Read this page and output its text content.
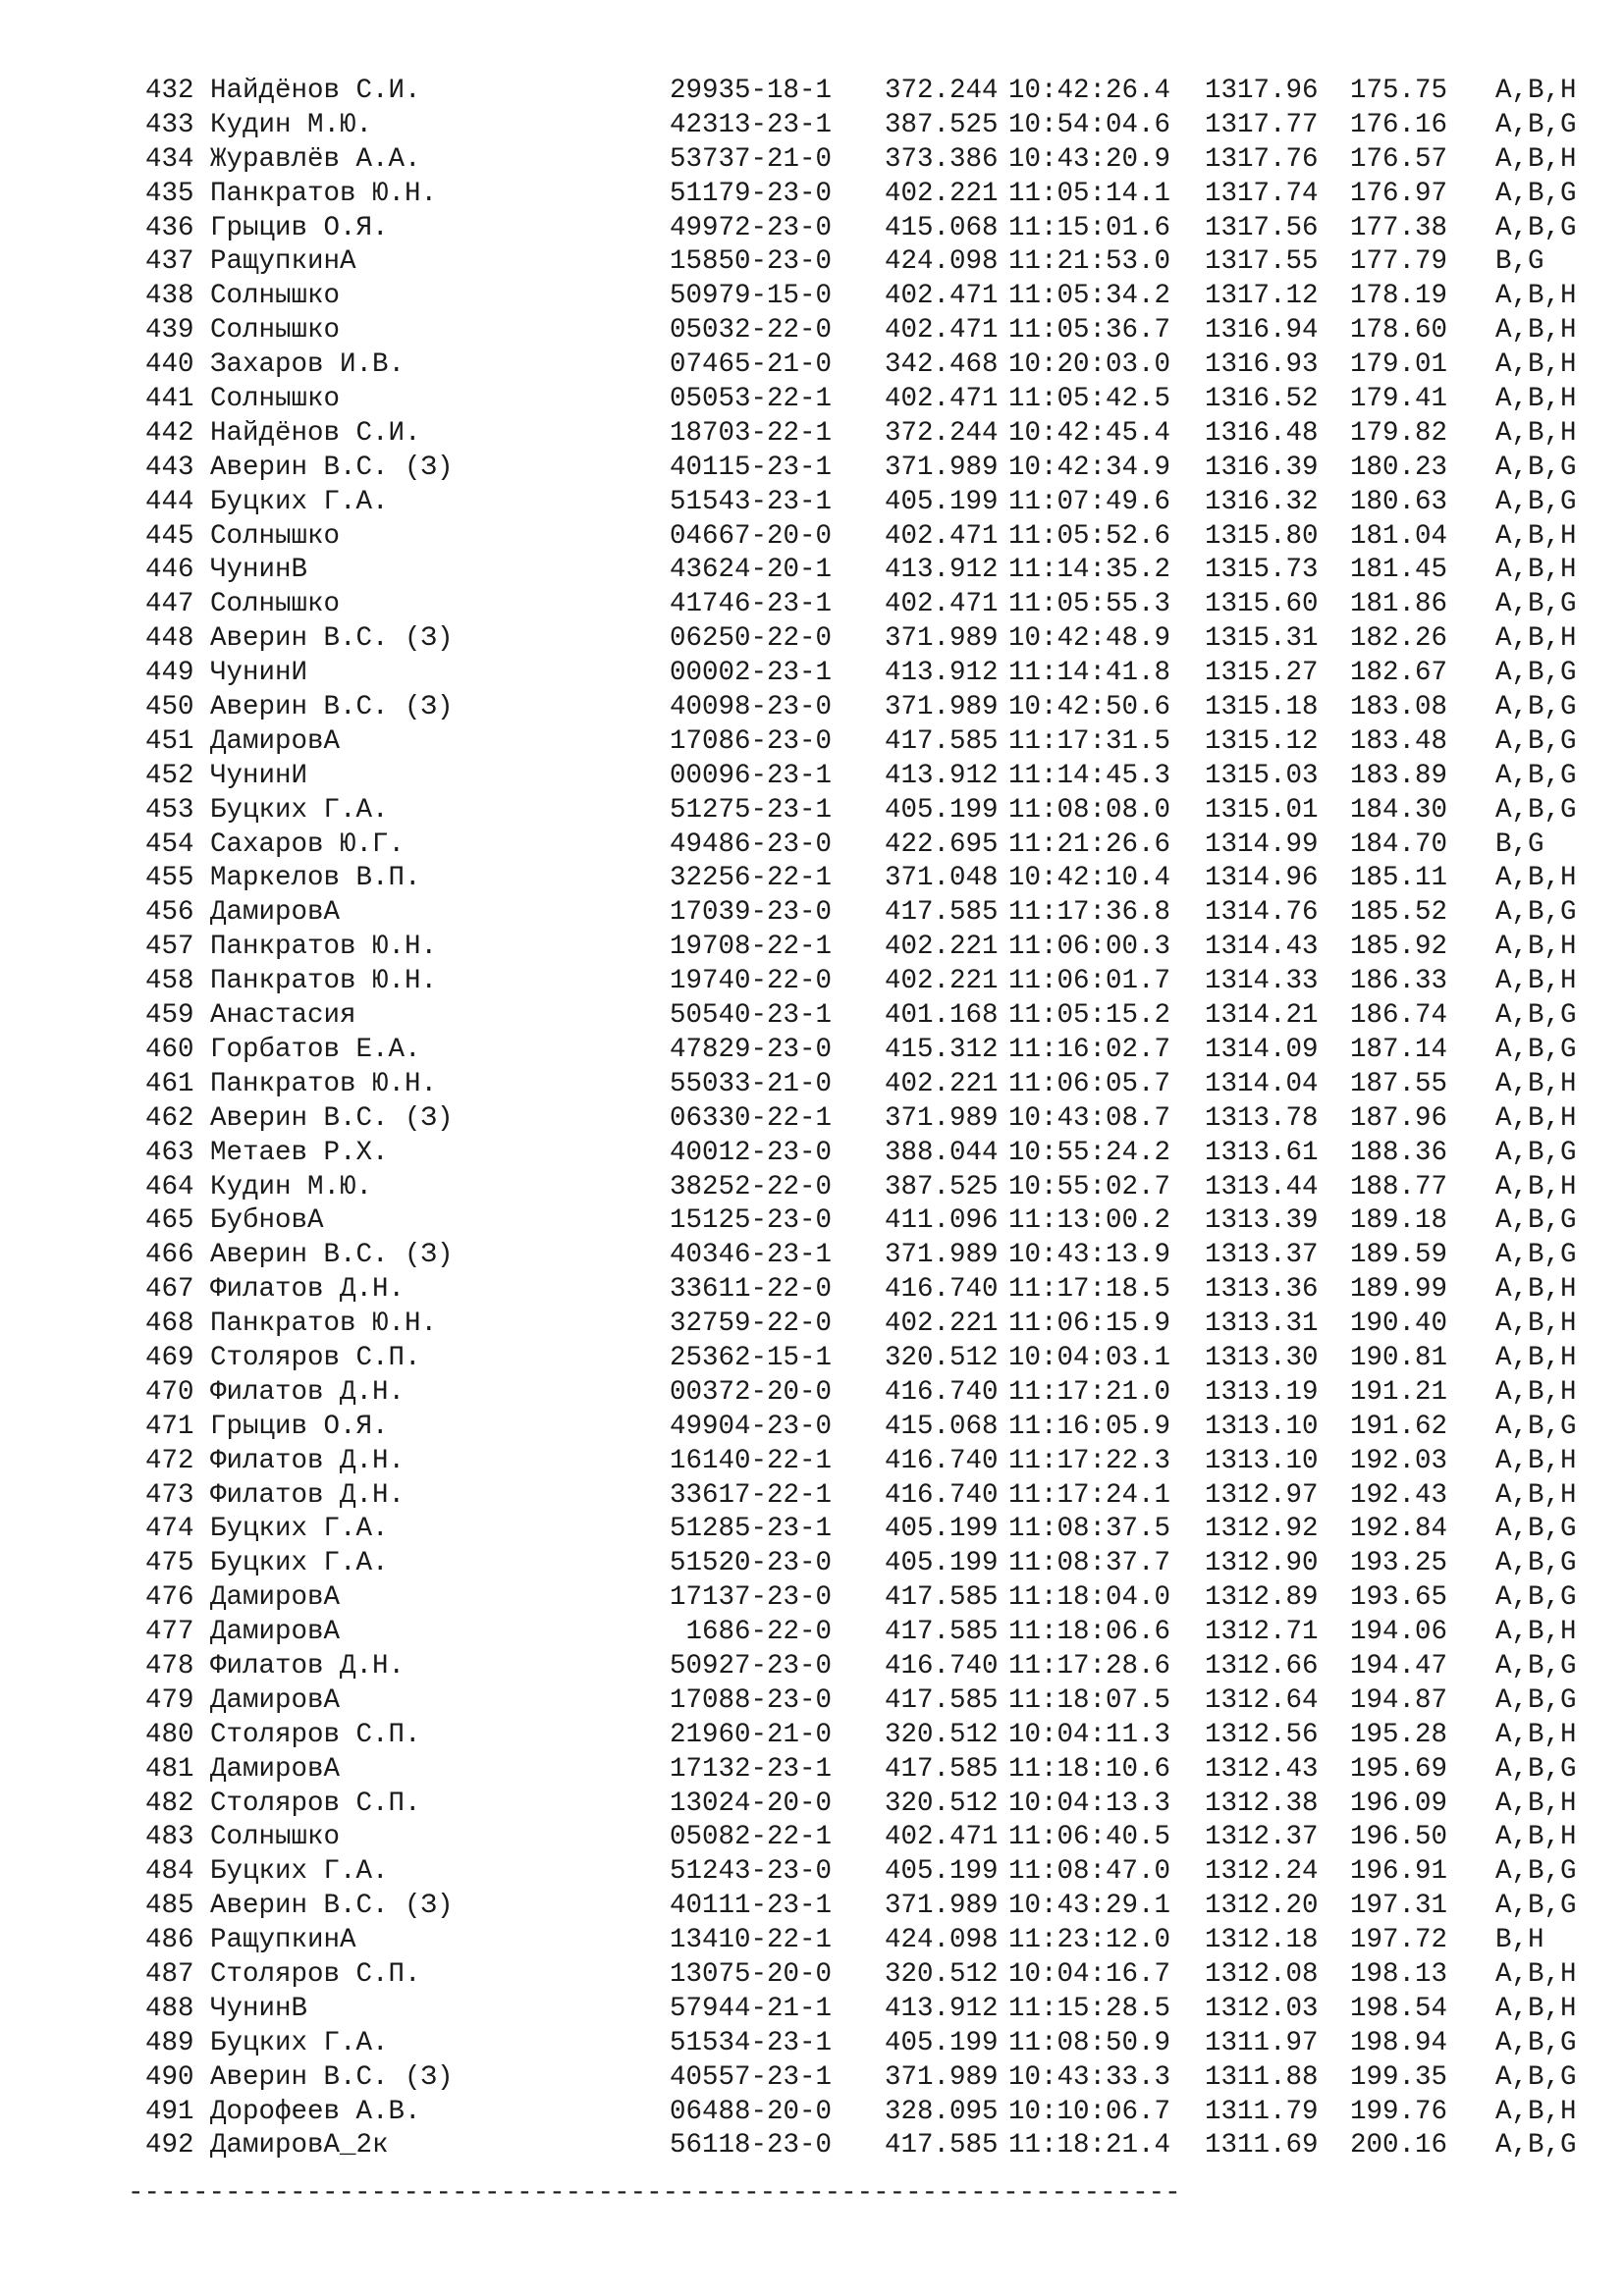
432 Найдёнов С.И.	29935-18-1 372.244 10:42:26.4 1317.96 175.75 A,B,H
433 Кудин М.Ю.	42313-23-1 387.525 10:54:04.6 1317.77 176.16 A,B,G
434 Журавлёв А.А.	53737-21-0 373.386 10:43:20.9 1317.76 176.57 A,B,H
435 Панкратов Ю.Н.	51179-23-0 402.221 11:05:14.1 1317.74 176.97 A,B,G
436 Грыцив О.Я.	49972-23-0 415.068 11:15:01.6 1317.56 177.38 A,B,G
437 РащупкинА	15850-23-0 424.098 11:21:53.0 1317.55 177.79 B,G
438 Солнышко	50979-15-0 402.471 11:05:34.2 1317.12 178.19 A,B,H
439 Солнышко	05032-22-0 402.471 11:05:36.7 1316.94 178.60 A,B,H
440 Захаров И.В.	07465-21-0 342.468 10:20:03.0 1316.93 179.01 A,B,H
441 Солнышко	05053-22-1 402.471 11:05:42.5 1316.52 179.41 A,B,H
442 Найдёнов С.И.	18703-22-1 372.244 10:42:45.4 1316.48 179.82 A,B,H
443 Аверин В.С. (З)	40115-23-1 371.989 10:42:34.9 1316.39 180.23 A,B,G
444 Буцких Г.А.	51543-23-1 405.199 11:07:49.6 1316.32 180.63 A,B,G
445 Солнышко	04667-20-0 402.471 11:05:52.6 1315.80 181.04 A,B,H
446 ЧунинВ	43624-20-1 413.912 11:14:35.2 1315.73 181.45 A,B,H
447 Солнышко	41746-23-1 402.471 11:05:55.3 1315.60 181.86 A,B,G
448 Аверин В.С. (З)	06250-22-0 371.989 10:42:48.9 1315.31 182.26 A,B,H
449 ЧунинИ	00002-23-1 413.912 11:14:41.8 1315.27 182.67 A,B,G
450 Аверин В.С. (З)	40098-23-0 371.989 10:42:50.6 1315.18 183.08 A,B,G
451 ДамировА	17086-23-0 417.585 11:17:31.5 1315.12 183.48 A,B,G
452 ЧунинИ	00096-23-1 413.912 11:14:45.3 1315.03 183.89 A,B,G
453 Буцких Г.А.	51275-23-1 405.199 11:08:08.0 1315.01 184.30 A,B,G
454 Сахаров Ю.Г.	49486-23-0 422.695 11:21:26.6 1314.99 184.70 B,G
455 Маркелов В.П.	32256-22-1 371.048 10:42:10.4 1314.96 185.11 A,B,H
456 ДамировА	17039-23-0 417.585 11:17:36.8 1314.76 185.52 A,B,G
457 Панкратов Ю.Н.	19708-22-1 402.221 11:06:00.3 1314.43 185.92 A,B,H
458 Панкратов Ю.Н.	19740-22-0 402.221 11:06:01.7 1314.33 186.33 A,B,H
459 Анастасия	50540-23-1 401.168 11:05:15.2 1314.21 186.74 A,B,G
460 Горбатов Е.А.	47829-23-0 415.312 11:16:02.7 1314.09 187.14 A,B,G
461 Панкратов Ю.Н.	55033-21-0 402.221 11:06:05.7 1314.04 187.55 A,B,H
462 Аверин В.С. (З)	06330-22-1 371.989 10:43:08.7 1313.78 187.96 A,B,H
463 Метаев Р.Х.	40012-23-0 388.044 10:55:24.2 1313.61 188.36 A,B,G
464 Кудин М.Ю.	38252-22-0 387.525 10:55:02.7 1313.44 188.77 A,B,H
465 БубновА	15125-23-0 411.096 11:13:00.2 1313.39 189.18 A,B,G
466 Аверин В.С. (З)	40346-23-1 371.989 10:43:13.9 1313.37 189.59 A,B,G
467 Филатов Д.Н.	33611-22-0 416.740 11:17:18.5 1313.36 189.99 A,B,H
468 Панкратов Ю.Н.	32759-22-0 402.221 11:06:15.9 1313.31 190.40 A,B,H
469 Столяров С.П.	25362-15-1 320.512 10:04:03.1 1313.30 190.81 A,B,H
470 Филатов Д.Н.	00372-20-0 416.740 11:17:21.0 1313.19 191.21 A,B,H
471 Грыцив О.Я.	49904-23-0 415.068 11:16:05.9 1313.10 191.62 A,B,G
472 Филатов Д.Н.	16140-22-1 416.740 11:17:22.3 1313.10 192.03 A,B,H
473 Филатов Д.Н.	33617-22-1 416.740 11:17:24.1 1312.97 192.43 A,B,H
474 Буцких Г.А.	51285-23-1 405.199 11:08:37.5 1312.92 192.84 A,B,G
475 Буцких Г.А.	51520-23-0 405.199 11:08:37.7 1312.90 193.25 A,B,G
476 ДамировА	17137-23-0 417.585 11:18:04.0 1312.89 193.65 A,B,G
477 ДамировА	1686-22-0 417.585 11:18:06.6 1312.71 194.06 A,B,H
478 Филатов Д.Н.	50927-23-0 416.740 11:17:28.6 1312.66 194.47 A,B,G
479 ДамировА	17088-23-0 417.585 11:18:07.5 1312.64 194.87 A,B,G
480 Столяров С.П.	21960-21-0 320.512 10:04:11.3 1312.56 195.28 A,B,H
481 ДамировА	17132-23-1 417.585 11:18:10.6 1312.43 195.69 A,B,G
482 Столяров С.П.	13024-20-0 320.512 10:04:13.3 1312.38 196.09 A,B,H
483 Солнышко	05082-22-1 402.471 11:06:40.5 1312.37 196.50 A,B,H
484 Буцких Г.А.	51243-23-0 405.199 11:08:47.0 1312.24 196.91 A,B,G
485 Аверин В.С. (З)	40111-23-1 371.989 10:43:29.1 1312.20 197.31 A,B,G
486 РащупкинА	13410-22-1 424.098 11:23:12.0 1312.18 197.72 B,H
487 Столяров С.П.	13075-20-0 320.512 10:04:16.7 1312.08 198.13 A,B,H
488 ЧунинВ	57944-21-1 413.912 11:15:28.5 1312.03 198.54 A,B,H
489 Буцких Г.А.	51534-23-1 405.199 11:08:50.9 1311.97 198.94 A,B,G
490 Аверин В.С. (З)	40557-23-1 371.989 10:43:33.3 1311.88 199.35 A,B,G
491 Дорофеев А.В.	06488-20-0 328.095 10:10:06.7 1311.79 199.76 A,B,H
492 ДамировА_2к	56118-23-0 417.585 11:18:21.4 1311.69 200.16 A,B,G
-----------------------------------------------------------------
